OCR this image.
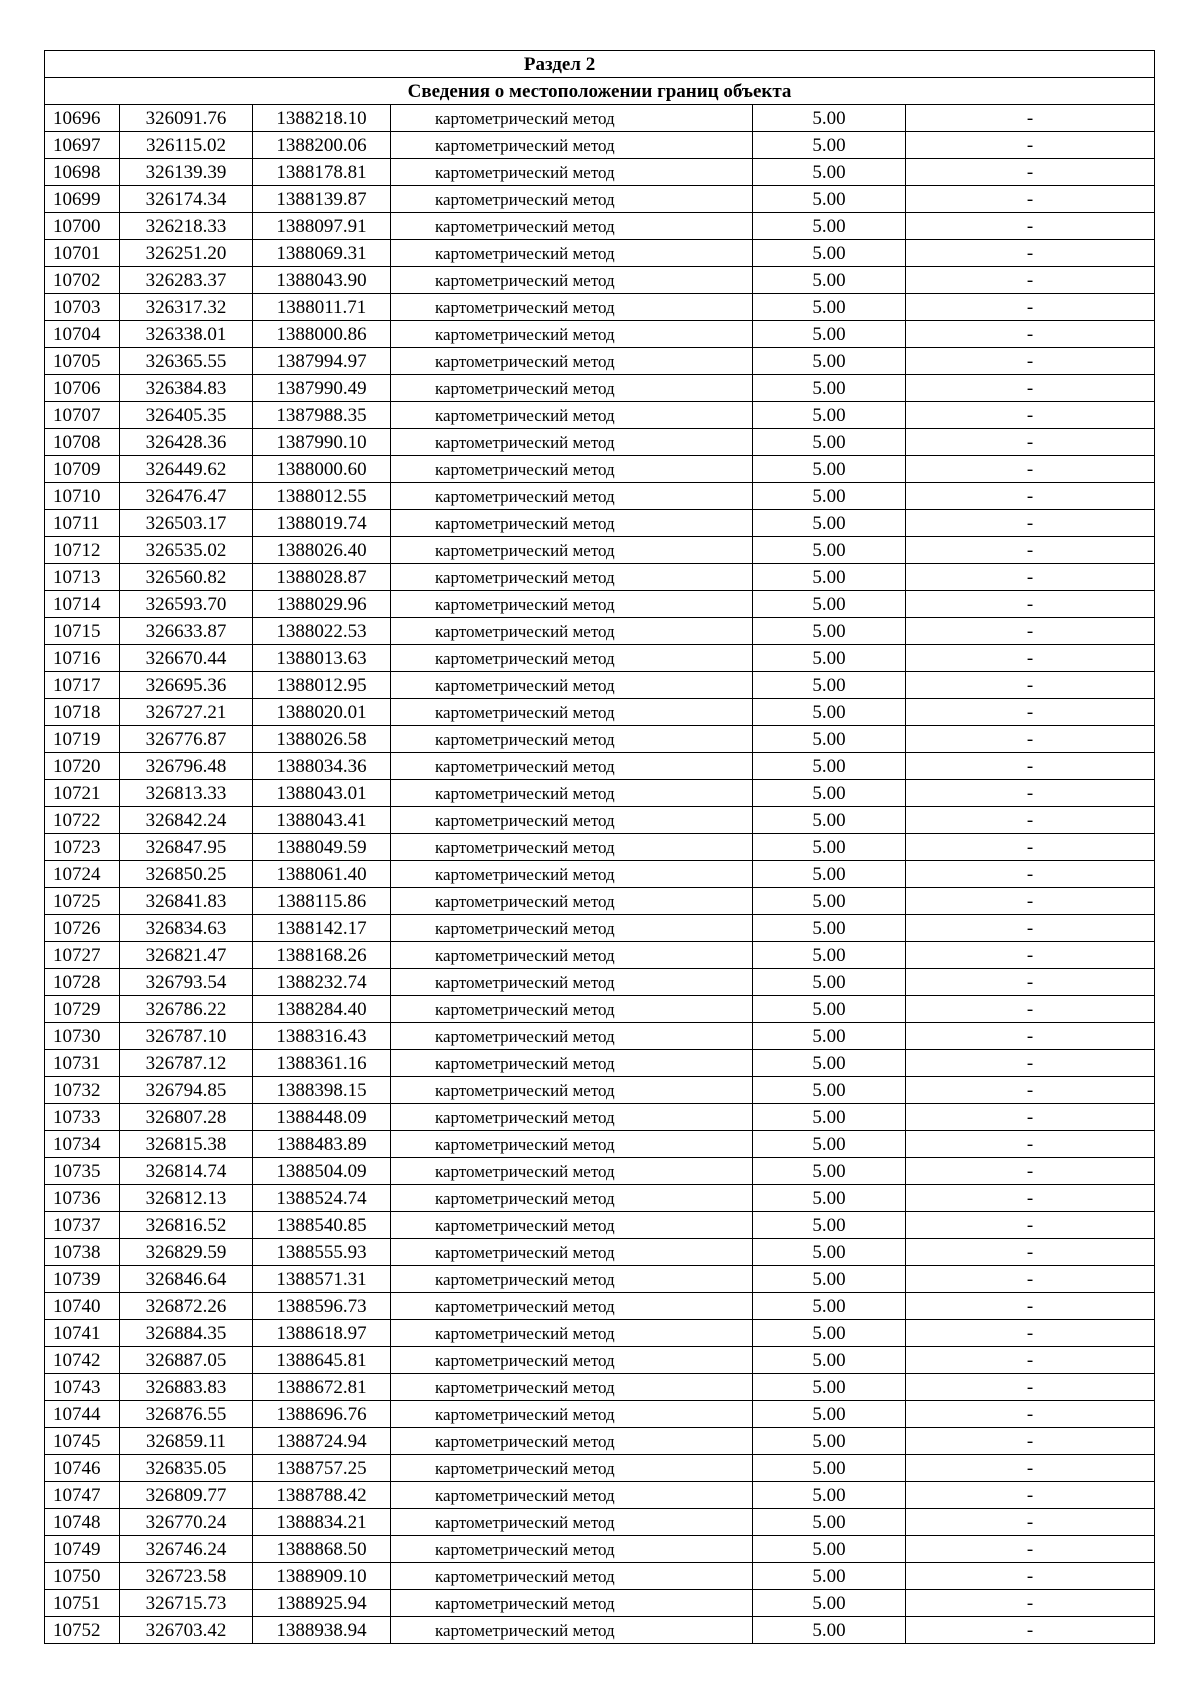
Раздел 2					
Сведения о местоположении границ объекта					
10696	326091.76	1388218.10	картометрический метод	5.00	-
10697	326115.02	1388200.06	картометрический метод	5.00	-
10698	326139.39	1388178.81	картометрический метод	5.00	-
10699	326174.34	1388139.87	картометрический метод	5.00	-
10700	326218.33	1388097.91	картометрический метод	5.00	-
10701	326251.20	1388069.31	картометрический метод	5.00	-
10702	326283.37	1388043.90	картометрический метод	5.00	-
10703	326317.32	1388011.71	картометрический метод	5.00	-
10704	326338.01	1388000.86	картометрический метод	5.00	-
10705	326365.55	1387994.97	картометрический метод	5.00	-
10706	326384.83	1387990.49	картометрический метод	5.00	-
10707	326405.35	1387988.35	картометрический метод	5.00	-
10708	326428.36	1387990.10	картометрический метод	5.00	-
10709	326449.62	1388000.60	картометрический метод	5.00	-
10710	326476.47	1388012.55	картометрический метод	5.00	-
10711	326503.17	1388019.74	картометрический метод	5.00	-
10712	326535.02	1388026.40	картометрический метод	5.00	-
10713	326560.82	1388028.87	картометрический метод	5.00	-
10714	326593.70	1388029.96	картометрический метод	5.00	-
10715	326633.87	1388022.53	картометрический метод	5.00	-
10716	326670.44	1388013.63	картометрический метод	5.00	-
10717	326695.36	1388012.95	картометрический метод	5.00	-
10718	326727.21	1388020.01	картометрический метод	5.00	-
10719	326776.87	1388026.58	картометрический метод	5.00	-
10720	326796.48	1388034.36	картометрический метод	5.00	-
10721	326813.33	1388043.01	картометрический метод	5.00	-
10722	326842.24	1388043.41	картометрический метод	5.00	-
10723	326847.95	1388049.59	картометрический метод	5.00	-
10724	326850.25	1388061.40	картометрический метод	5.00	-
10725	326841.83	1388115.86	картометрический метод	5.00	-
10726	326834.63	1388142.17	картометрический метод	5.00	-
10727	326821.47	1388168.26	картометрический метод	5.00	-
10728	326793.54	1388232.74	картометрический метод	5.00	-
10729	326786.22	1388284.40	картометрический метод	5.00	-
10730	326787.10	1388316.43	картометрический метод	5.00	-
10731	326787.12	1388361.16	картометрический метод	5.00	-
10732	326794.85	1388398.15	картометрический метод	5.00	-
10733	326807.28	1388448.09	картометрический метод	5.00	-
10734	326815.38	1388483.89	картометрический метод	5.00	-
10735	326814.74	1388504.09	картометрический метод	5.00	-
10736	326812.13	1388524.74	картометрический метод	5.00	-
10737	326816.52	1388540.85	картометрический метод	5.00	-
10738	326829.59	1388555.93	картометрический метод	5.00	-
10739	326846.64	1388571.31	картометрический метод	5.00	-
10740	326872.26	1388596.73	картометрический метод	5.00	-
10741	326884.35	1388618.97	картометрический метод	5.00	-
10742	326887.05	1388645.81	картометрический метод	5.00	-
10743	326883.83	1388672.81	картометрический метод	5.00	-
10744	326876.55	1388696.76	картометрический метод	5.00	-
10745	326859.11	1388724.94	картометрический метод	5.00	-
10746	326835.05	1388757.25	картометрический метод	5.00	-
10747	326809.77	1388788.42	картометрический метод	5.00	-
10748	326770.24	1388834.21	картометрический метод	5.00	-
10749	326746.24	1388868.50	картометрический метод	5.00	-
10750	326723.58	1388909.10	картометрический метод	5.00	-
10751	326715.73	1388925.94	картометрический метод	5.00	-
10752	326703.42	1388938.94	картометрический метод	5.00	-
